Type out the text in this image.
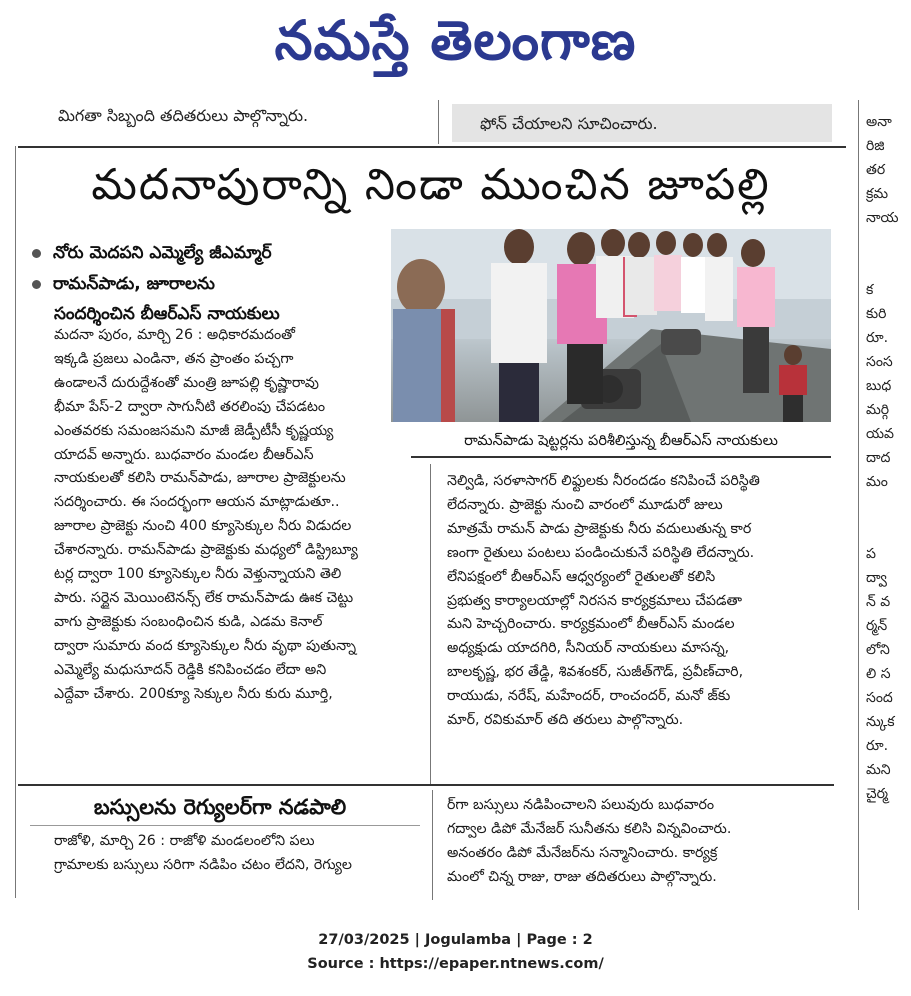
నమస్తే తెలంగాణ
మిగతా సిబ్బంది తదితరులు పాల్గొన్నారు.	ఫోన్ చేయాలని సూచించారు.
మదనాపురాన్ని నిండా ముంచిన జూపల్లి
నోరు మెదపని ఎమ్మెల్యే జీఎమ్మార్
రామన్‌పాడు, జూరాలను
సందర్శించిన బీఆర్‌ఎస్ నాయకులు
రామన్‌పాడు షెట్టర్లను పరిశీలిస్తున్న బీఆర్ఎస్ నాయకులు
మదనా పురం, మార్చి 26 : అధికారమదంతో
ఇక్కడి ప్రజలు ఎండినా, తన ప్రాంతం పచ్చగా
ఉండాలనే దురుద్దేశంతో మంత్రి జూపల్లి కృష్ణారావు
భీమా పేస్-2 ద్వారా సాగునీటి తరలింపు చేపడటం
ఎంతవరకు సమంజసమని మాజీ జెడ్పీటీసీ కృష్ణయ్య
యాదవ్ అన్నారు. బుధవారం మండల బీఆర్ఎస్
నాయకులతో కలిసి రామన్‌పాడు, జూరాల ప్రాజెక్టులను
సదర్శించారు. ఈ సందర్భంగా ఆయన మాట్లాడుతూ..
జూరాల ప్రాజెక్టు నుంచి 400 క్యూసెక్కుల నీరు విడుదల
చేశారన్నారు. రామన్‌పాడు ప్రాజెక్టుకు మధ్యలో డిస్ట్రిబ్యూ
టర్ల ద్వారా 100 క్యూసెక్కుల నీరు వెళ్తున్నాయని తెలి
పారు. సర్దైన మెయింటెనన్స్ లేక రామన్‌పాడు ఊక చెట్టు
వాగు ప్రాజెక్టుకు సంబంధించిన కుడి, ఎడమ కెనాల్
ద్వారా సుమారు వంద క్యూసెక్కుల నీరు వృథా పుతున్నా
ఎమ్మెల్యే మధుసూదన్ రెడ్డికి కనిపించడం లేదా అని
ఎద్దేవా చేశారు. 200క్యూ సెక్కుల నీరు కురు మూర్తి,
నెల్విడి, సరళాసాగర్ లిఫ్టులకు నీరందడం కనిపించే పరిస్థితి
లేదన్నారు. ప్రాజెక్టు నుంచి వారంలో మూడురో జులు
మాత్రమే రామన్ పాడు ప్రాజెక్టుకు నీరు వదులుతున్న కార
ణంగా రైతులు పంటలు పండించుకునే పరిస్థితి లేదన్నారు.
లేనిపక్షంలో బీఆర్ఎస్ ఆధ్వర్యంలో రైతులతో కలిసి
ప్రభుత్వ కార్యాలయాల్లో నిరసన కార్యక్రమాలు చేపడతా
మని హెచ్చరించారు. కార్యక్రమంలో బీఆర్ఎస్ మండల
అధ్యక్షుడు యాదగిరి, సీనియర్ నాయకులు మాసన్న,
బాలకృష్ణ, భర తేడ్డి, శివశంకర్, సుజీత్‌గౌడ్, ప్రవీణ్‌చారి,
రాయుడు, నరేష్, మహేందర్, రాంచందర్, మనో జ్‌కు
మార్, రవికుమార్ తది తరులు పాల్గొన్నారు.
బస్సులను రెగ్యులర్‌గా నడపాలి
రాజోళి, మార్చి 26 : రాజోళి మండలంలోని పలు
గ్రామాలకు బస్సులు సరిగా నడిపిం చటం లేదని, రెగ్యుల
ర్‌గా బస్సులు నడిపించాలని పలువురు బుధవారం
గద్వాల డిపో మేనేజర్ సునీతను కలిసి విన్నవించారు.
అనంతరం డిపో మేనేజర్‌ను సన్మానించారు. కార్యక్ర
మంలో చిన్న రాజు, రాజు తదితరులు పాల్గొన్నారు.
అనా
రిజి
తర
క్రమ
నాయ

క
కురి
రూ.
సంస
బుధ
మర్గి
యవ
దాద
మం

ప
ద్వా
న్ వ
ర్మన్
లోని
లి స
సంద
న్కుక
రూ.
మని
చైర్మ
27/03/2025 | Jogulamba | Page : 2
Source : https://epaper.ntnews.com/
